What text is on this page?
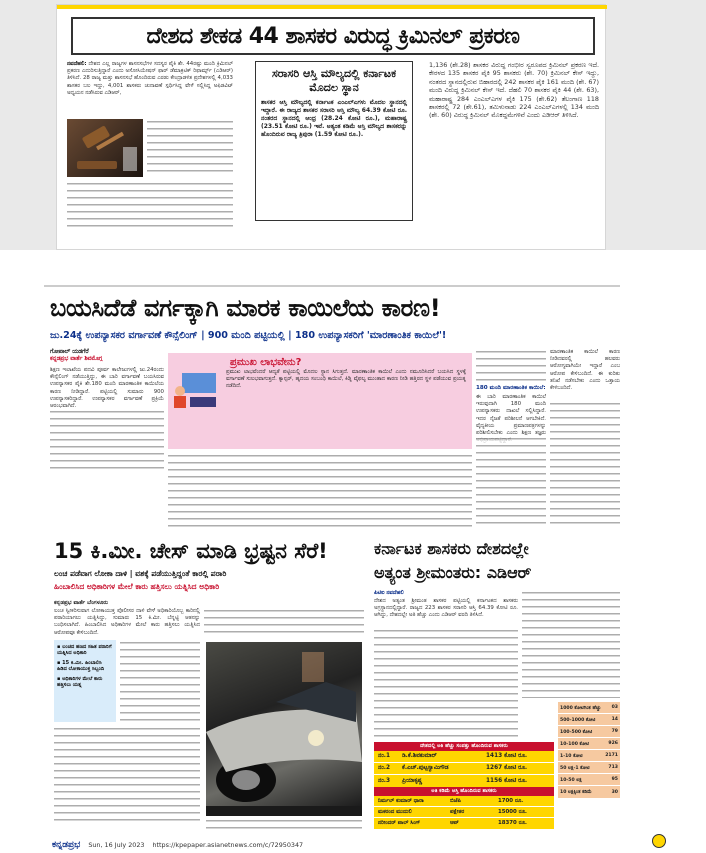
ದೇಶದ ಶೇಕಡ 44 ಶಾಸಕರ ವಿರುದ್ಧ ಕ್ರಿಮಿನಲ್‌ ಪ್ರಕರಣ
ನವದೆಹಲಿ: ದೇಶದ ಎಲ್ಲ ರಾಜ್ಯಗಳ ಶಾಸನಸಭೆಗಳ ಸದಸ್ಯರ ಪೈಕಿ ಶೇ. 44ರಷ್ಟು ಮಂದಿ ಕ್ರಿಮಿನಲ್‌ ಪ್ರಕರಣ ಎದುರಿಸುತ್ತಿದ್ದಾರೆ ಎಂದು ಅಸೋಸಿಯೇಷನ್‌ ಫಾರ್‌ ಡೆಮಾಕ್ರಟಿಕ್‌ ರಿಫಾರ್ಮ್ಸ್‌ (ಎಡಿಆರ್‌) ತಿಳಿಸಿದೆ. 28 ರಾಜ್ಯ ಮತ್ತು ಶಾಸನಸಭೆ ಹೊಂದಿರುವ ಎರಡು ಕೇಂದ್ರಾಡಳಿತ ಪ್ರದೇಶಗಳಲ್ಲಿ 4,033 ಶಾಸಕರ ಬಲ ಇದ್ದು, 4,001 ಶಾಸಕರು ಚುನಾವಣೆ ಸ್ಪರ್ಧಿಸಿದ್ದ ವೇಳೆ ಸಲ್ಲಿಸಿದ್ದ ಅಫಿಡವಿಟ್‌ ಅಧ್ಯಯನ ನಡೆಸಿರುವ ಎಡಿಆರ್‌,
ಸರಾಸರಿ ಆಸ್ತಿ ಮೌಲ್ಯದಲ್ಲಿ ಕರ್ನಾಟಕ ಮೊದಲ ಸ್ಥಾನ
ಶಾಸಕರ ಆಸ್ತಿ ಮೌಲ್ಯದಲ್ಲಿ ಕರ್ನಾಟಕ ಎಂಎಲ್‌ಎಗಳು ಮೊದಲ ಸ್ಥಾನದಲ್ಲಿ ಇದ್ದಾರೆ. ಈ ರಾಜ್ಯದ ಶಾಸಕರ ಸರಾಸರಿ ಆಸ್ತಿ ಮೌಲ್ಯ 64.39 ಕೋಟಿ ರೂ. ನಂತರದ ಸ್ಥಾನದಲ್ಲಿ ಆಂಧ್ರ (28.24 ಕೋಟಿ ರೂ.), ಮಹಾರಾಷ್ಟ್ರ (23.51 ಕೋಟಿ ರೂ.) ಇವೆ. ಅತ್ಯಂತ ಕಡಿಮೆ ಆಸ್ತಿ ಮೌಲ್ಯದ ಶಾಸಕರನ್ನು ಹೊಂದಿರುವ ರಾಜ್ಯ ತ್ರಿಪುರಾ (1.59 ಕೋಟಿ ರೂ.).
1,136 (ಶೇ.28) ಶಾಸಕರ ವಿರುದ್ಧ ಗಂಭೀರ ಸ್ವರೂಪದ ಕ್ರಿಮಿನಲ್‌ ಪ್ರಕರಣ ಇದೆ. ಕೇರಳದ 135 ಶಾಸಕರ ಪೈಕಿ 95 ಶಾಸಕರು (ಶೇ. 70) ಕ್ರಿಮಿನಲ್‌ ಕೇಸ್‌ ಇದ್ದು, ನಂತರದ ಸ್ಥಾನದಲ್ಲಿರುವ ಬಿಹಾರದಲ್ಲಿ 242 ಶಾಸಕರ ಪೈಕಿ 161 ಮಂದಿ (ಶೇ. 67) ಮಂದಿ ವಿರುದ್ಧ ಕ್ರಿಮಿನಲ್‌ ಕೇಸ್‌ ಇದೆ. ದೆಹಲಿ 70 ಶಾಸಕರ ಪೈಕಿ 44 (ಶೇ. 63), ಮಹಾರಾಷ್ಟ್ರ 284 ಎಂಎಲ್‌ಎಗಳ ಪೈಕಿ 175 (ಶೇ.62) ತೆಲಂಗಾಣ 118 ಶಾಸಕರಲ್ಲಿ 72 (ಶೇ.61), ತಮಿಳುನಾಡು 224 ಎಂಎಲ್‌ಎಗಳಲ್ಲಿ 134 ಮಂದಿ (ಶೇ. 60) ವಿರುದ್ಧ ಕ್ರಿಮಿನಲ್‌ ಮೊಕದ್ದಮೆಗಳಿವೆ ಎಂದು ಎಡಿಆರ್‌ ತಿಳಿಸಿದೆ.
ಬಯಸಿದೆಡೆ ವರ್ಗಕ್ಕಾಗಿ ಮಾರಕ ಕಾಯಿಲೆಯ ಕಾರಣ!
ಜು.24ಕ್ಕೆ ಉಪನ್ಯಾಸಕರ ವರ್ಗಾವಣೆ ಕೌನ್ಸೆಲಿಂಗ್‌ | 900 ಮಂದಿ ಪಟ್ಟಿಯಲ್ಲಿ | 180 ಉಪನ್ಯಾಸಕರಿಗೆ 'ಮಾರಣಾಂತಿಕ ಕಾಯಿಲೆ'!
ಗೋಪಾಲ್‌ ಯಡಗೆರೆ
ಕನ್ನಡಪ್ರಭ ವಾರ್ತೆ ಶಿವಮೊಗ್ಗ
ಶಿಕ್ಷಣ ಇಲಾಖೆಯ ಪದವಿ ಪೂರ್ವ ಕಾಲೇಜುಗಳಲ್ಲಿ ಜು.24ರಂದು ಕೌನ್ಸೆಲಿಂಗ್‌ ನಡೆಯುತ್ತಿದ್ದು, ಈ ಬಾರಿ ವರ್ಗಾವಣೆ ಬಯಸಿರುವ ಉಪನ್ಯಾಸಕರ ಪೈಕಿ ಶೇ.180 ಮಂದಿ ಮಾರಣಾಂತಿಕ ಕಾಯಿಲೆಯ ಕಾರಣ ನೀಡಿದ್ದಾರೆ. ಪಟ್ಟಿಯಲ್ಲಿ ಸುಮಾರು 900 ಉಪನ್ಯಾಸಕರಿದ್ದಾರೆ. ಉಪನ್ಯಾಸಕರ ವರ್ಗಾವಣೆ ಪ್ರಕ್ರಿಯೆ ಆರಂಭವಾಗಿದೆ.
ಪ್ರಮುಖ ಲಾಭವೇನು?
ಪ್ರಮುಖ ಲಾಭವೆಂದರೆ ಆದ್ಯತೆ ಪಟ್ಟಿಯಲ್ಲಿ ಮೊದಲ ಸ್ಥಾನ ಸಿಗುತ್ತದೆ. ಮಾರಣಾಂತಿಕ ಕಾಯಿಲೆ ಎಂದು ನಮೂದಿಸಿದರೆ ಬಯಸಿದ ಸ್ಥಳಕ್ಕೆ ವರ್ಗಾವಣೆ ಸುಲಭವಾಗುತ್ತದೆ. ಕ್ಯಾನ್ಸರ್‌, ಹೃದಯ ಸಂಬಂಧಿ ಕಾಯಿಲೆ, ಕಿಡ್ನಿ ವೈಫಲ್ಯ ಮುಂತಾದ ಕಾರಣ ನೀಡಿ ಹತ್ತಿರದ ಸ್ಥಳ ಪಡೆಯುವ ಪ್ರಯತ್ನ ನಡೆದಿದೆ.	180 ಮಂದಿ ಮಾರಣಾಂತಿಕ ಕಾಯಿಲೆ:
ಈ ಬಾರಿ ಮಾರಣಾಂತಿಕ ಕಾಯಿಲೆ ಇರುವುದಾಗಿ 180 ಮಂದಿ ಉಪನ್ಯಾಸಕರು ದಾಖಲೆ ಸಲ್ಲಿಸಿದ್ದಾರೆ. ಇದರ ನೈಜತೆ ಪರಿಶೀಲನೆ ಆಗಬೇಕಿದೆ. ವೈದ್ಯಕೀಯ ಪ್ರಮಾಣಪತ್ರಗಳನ್ನು ಪರಿಶೀಲಿಸಬೇಕು ಎಂದು ಶಿಕ್ಷಣ ತಜ್ಞರು
ಮಾರಣಾಂತಿಕ ಕಾಯಿಲೆ ಕಾರಣ ನೀಡಿದವರಲ್ಲಿ ಹಲವರು ಆರೋಗ್ಯವಾಗಿಯೇ ಇದ್ದಾರೆ ಎಂಬ ಆರೋಪ ಕೇಳಿಬಂದಿದೆ. ಈ ಕುರಿತು ತನಿಖೆ ನಡೆಸಬೇಕು ಎಂದು ಒತ್ತಾಯ ಕೇಳಿಬಂದಿದೆ.
15 ಕಿ.ಮೀ. ಚೇಸ್‌ ಮಾಡಿ ಭ್ರಷ್ಟನ ಸೆರೆ!
ಲಂಚ ಪಡೆವಾಗ ಲೋಕಾ ದಾಳಿ | ವಶಕ್ಕೆ ಪಡೆಯುತ್ತಿದ್ದಂತೆ ಕಾರಲ್ಲಿ ಪರಾರಿ
ಹಿಂಬಾಲಿಸಿದ ಅಧಿಕಾರಿಗಳ ಮೇಲೆ ಕಾರು ಹತ್ತಿಸಲು ಯತ್ನಿಸಿದ ಅಧಿಕಾರಿ
ಕನ್ನಡಪ್ರಭ ವಾರ್ತೆ ಬೆಂಗಳೂರು
ಲಂಚ ಸ್ವೀಕರಿಸುವಾಗ ಲೋಕಾಯುಕ್ತ ಪೊಲೀಸರ ದಾಳಿ ವೇಳೆ ಅಧಿಕಾರಿಯೊಬ್ಬ ಕಾರಿನಲ್ಲಿ ಪರಾರಿಯಾಗಲು ಯತ್ನಿಸಿದ್ದು, ಸುಮಾರು 15 ಕಿ.ಮೀ. ಬೆನ್ನಟ್ಟಿ ಆತನನ್ನು ಬಂಧಿಸಲಾಗಿದೆ. ಹಿಂಬಾಲಿಸಿದ ಅಧಿಕಾರಿಗಳ ಮೇಲೆ ಕಾರು ಹತ್ತಿಸಲು ಯತ್ನಿಸಿದ ಆರೋಪವೂ ಕೇಳಿಬಂದಿದೆ.
▪ ಲಂಚದ ಹಣದ ಸಹಿತ ಪರಾರಿಗೆ ಯತ್ನಿಸಿದ ಅಧಿಕಾರಿ
▪ 15 ಕಿ.ಮೀ. ಹಿಂಬಾಲಿಸಿ ಹಿಡಿದ ಲೋಕಾಯುಕ್ತ ಸಿಬ್ಬಂದಿ
▪ ಅಧಿಕಾರಿಗಳ ಮೇಲೆ ಕಾರು ಹತ್ತಿಸಲು ಯತ್ನ
ಕರ್ನಾಟಕ ಶಾಸಕರು ದೇಶದಲ್ಲೇ
ಅತ್ಯಂತ ಶ್ರೀಮಂತರು: ಎಡಿಆರ್‌
ಪಿಟಿಐ ನವದೆಹಲಿ
ದೇಶದ ಅತ್ಯಂತ ಶ್ರೀಮಂತ ಶಾಸಕರ ಪಟ್ಟಿಯಲ್ಲಿ ಕರ್ನಾಟಕದ ಶಾಸಕರು ಅಗ್ರಸ್ಥಾನದಲ್ಲಿದ್ದಾರೆ. ರಾಜ್ಯದ 223 ಶಾಸಕರ ಸರಾಸರಿ ಆಸ್ತಿ 64.39 ಕೋಟಿ ರೂ. ಆಗಿದ್ದು, ದೇಶದಲ್ಲೇ ಅತಿ ಹೆಚ್ಚು ಎಂದು ಎಡಿಆರ್‌ ವರದಿ ತಿಳಿಸಿದೆ.
ದೇಶದಲ್ಲಿ ಅತಿ ಹೆಚ್ಚು ಸಂಪತ್ತು ಹೊಂದಿರುವ ಶಾಸಕರು
ನಂ.1	ಡಿ.ಕೆ.ಶಿವಕುಮಾರ್‌	1413 ಕೋಟಿ ರೂ.
ನಂ.2	ಕೆ.ಎಚ್‌.ಪುಟ್ಟಸ್ವಾಮಿಗೌಡ	1267 ಕೋಟಿ ರೂ.
ನಂ.3	ಪ್ರಿಯಾಕೃಷ್ಣ	1156 ಕೋಟಿ ರೂ.
ಅತಿ ಕಡಿಮೆ ಆಸ್ತಿ ಹೊಂದಿರುವ ಶಾಸಕರು
ನಿರ್ಮಲ್‌ ಕುಮಾರ್‌ ಧಾರಾ	ಬಿಜೆಪಿ	1700 ರೂ.
ಮಕರಂದ ಮುದುಲಿ	ಪಕ್ಷೇತರ	15000 ರೂ.
ನರೀಂದರ್‌ ಪಾಲ್‌ ಸಿಂಗ್‌	ಆಪ್‌	18370 ರೂ.
1000 ಕೋಟಿಗಿಂತ ಹೆಚ್ಚು	03
500-1000 ಕೋಟಿ	14
100-500 ಕೋಟಿ	79
10-100 ಕೋಟಿ	926
1-10 ಕೋಟಿ	2171
50 ಲಕ್ಷ-1 ಕೋಟಿ	713
10-50 ಲಕ್ಷ	95
10 ಲಕ್ಷಕ್ಕಿಂತ ಕಡಿಮೆ	30
ಕನ್ನಡಪ್ರಭ Sun, 16 July 2023 https://kpepaper.asianetnews.com/c/72950347
